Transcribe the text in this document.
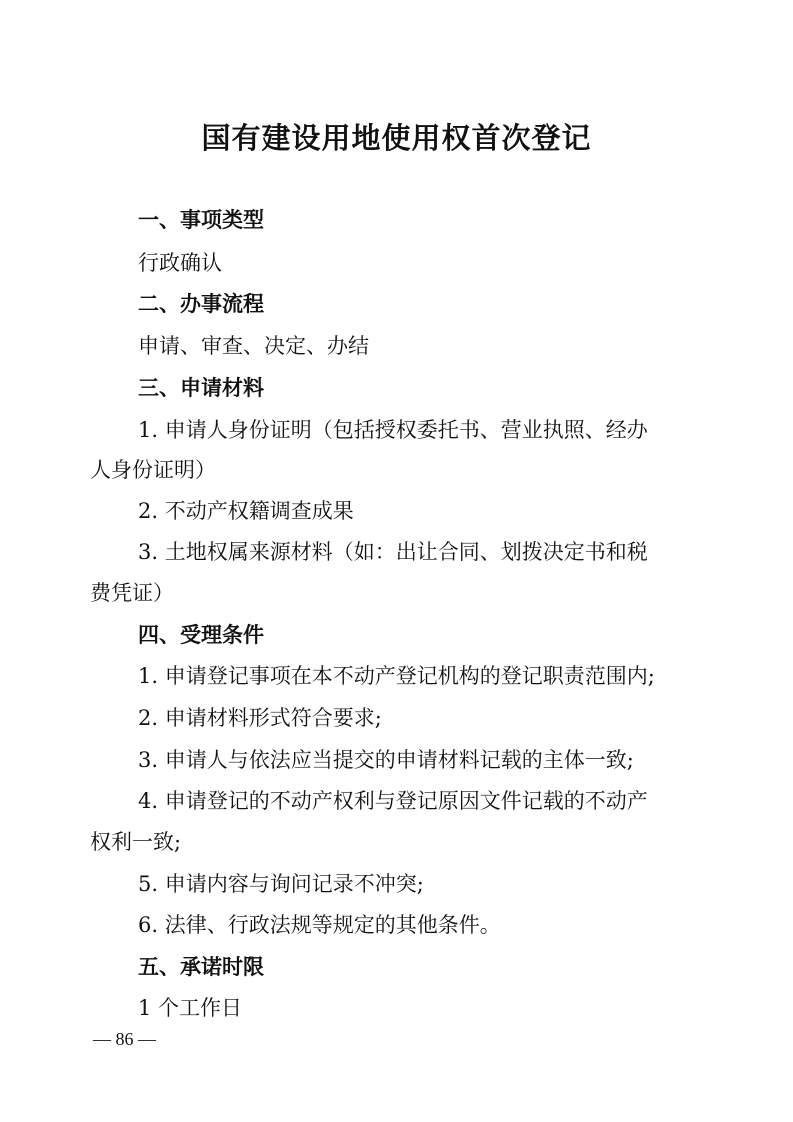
国有建设用地使用权首次登记
一、事项类型
行政确认
二、办事流程
申请、审查、决定、办结
三、申请材料
1. 申请人身份证明（包括授权委托书、营业执照、经办
人身份证明）
2. 不动产权籍调查成果
3. 土地权属来源材料（如：出让合同、划拨决定书和税
费凭证）
四、受理条件
1. 申请登记事项在本不动产登记机构的登记职责范围内;
2. 申请材料形式符合要求;
3. 申请人与依法应当提交的申请材料记载的主体一致;
4. 申请登记的不动产权利与登记原因文件记载的不动产
权利一致;
5. 申请内容与询问记录不冲突;
6. 法律、行政法规等规定的其他条件。
五、承诺时限
1 个工作日
— 86 —
